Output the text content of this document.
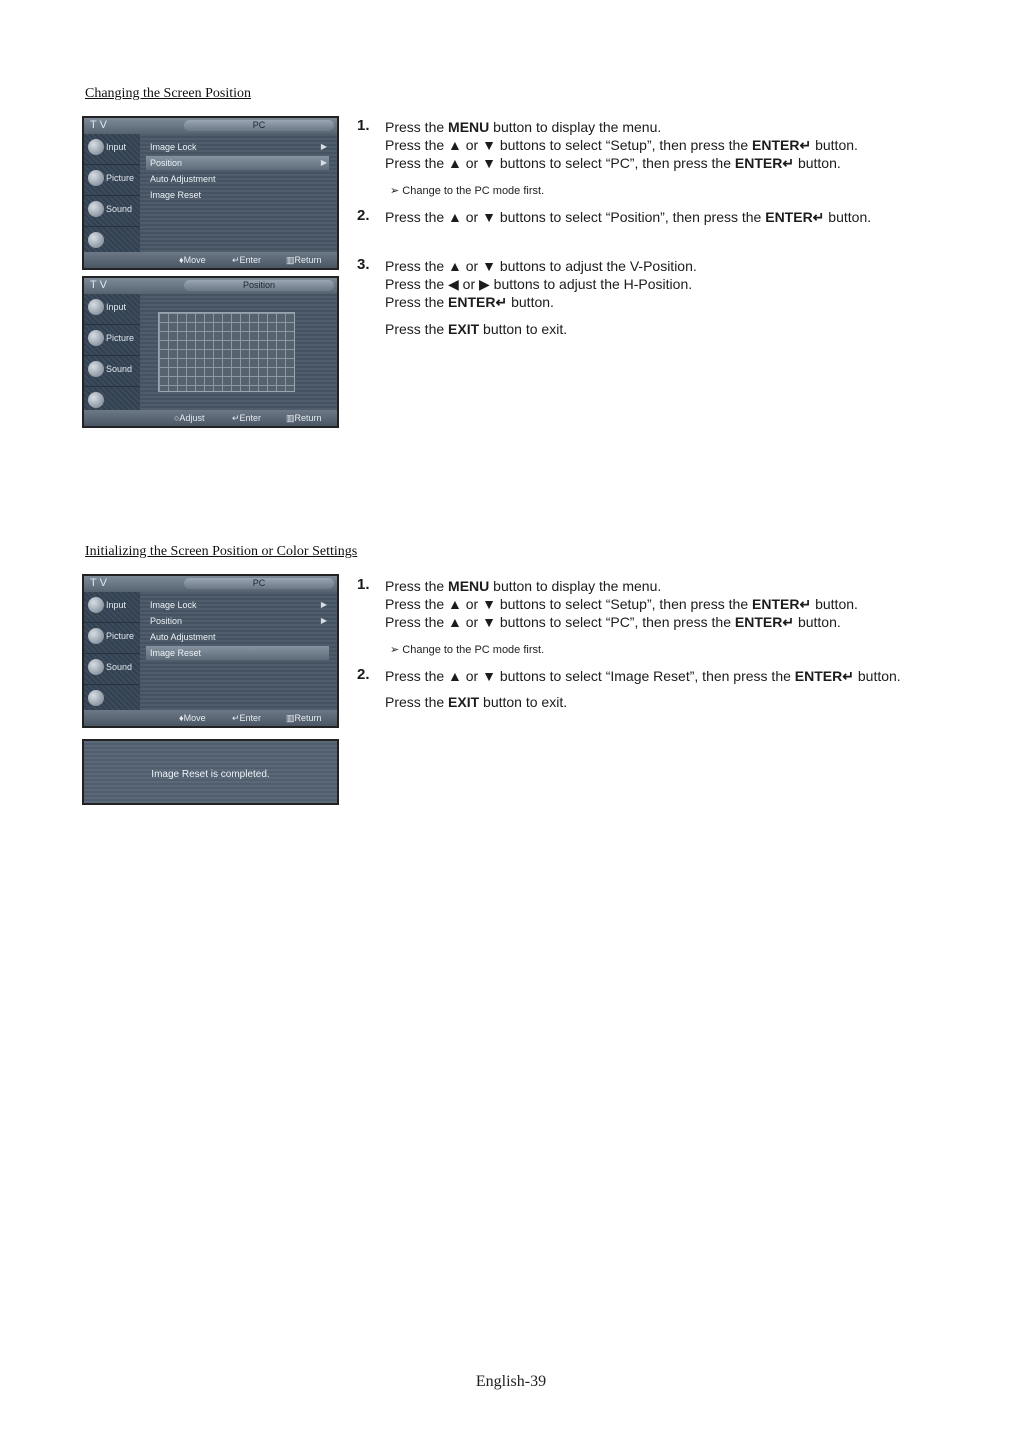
Changing the Screen Position
T V	PC
Input
Picture
Sound
Image Lock	▶
Position	▶
Auto Adjustment
Image Reset
♦Move	↵Enter	▥Return
T V	Position
Input
Picture
Sound
○Adjust	↵Enter	▥Return
1. Press the MENU button to display the menu.
Press the ▲ or ▼ buttons to select “Setup”, then press the ENTER↵ button.
Press the ▲ or ▼ buttons to select “PC”, then press the ENTER↵ button.
➢ Change to the PC mode first.
2. Press the ▲ or ▼ buttons to select “Position”, then press the ENTER↵ button.
3. Press the ▲ or ▼ buttons to adjust the V-Position.
Press the ◀ or ▶ buttons to adjust the H-Position.
Press the ENTER↵ button.
Press the EXIT button to exit.
Initializing the Screen Position or Color Settings
T V	PC
Input
Picture
Sound
Image Lock	▶
Position	▶
Auto Adjustment
Image Reset
♦Move	↵Enter	▥Return
Image Reset is completed.
1. Press the MENU button to display the menu.
Press the ▲ or ▼ buttons to select “Setup”, then press the ENTER↵ button.
Press the ▲ or ▼ buttons to select “PC”, then press the ENTER↵ button.
➢ Change to the PC mode first.
2. Press the ▲ or ▼ buttons to select “Image Reset”, then press the ENTER↵ button.
Press the EXIT button to exit.
English-39
